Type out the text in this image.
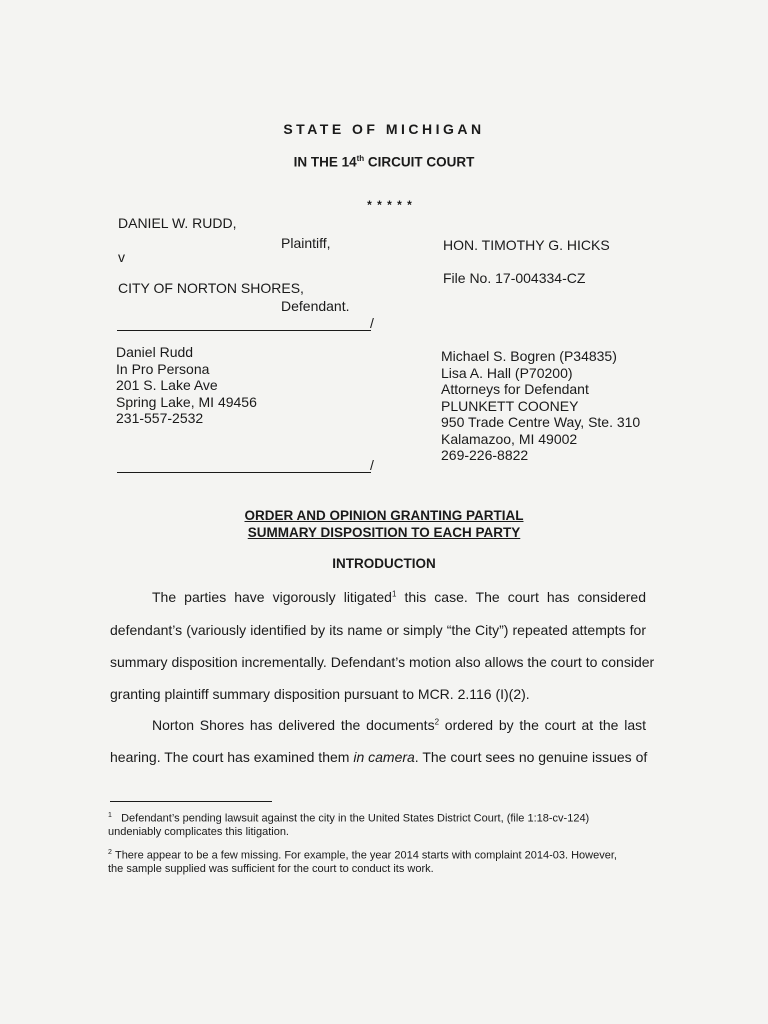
STATE OF MICHIGAN
IN THE 14th CIRCUIT COURT
* * * * *
DANIEL W. RUDD,
Plaintiff,
v
CITY OF NORTON SHORES,
Defendant.
HON. TIMOTHY G. HICKS
File No. 17-004334-CZ
/
Daniel Rudd
In Pro Persona
201 S. Lake Ave
Spring Lake, MI 49456
231-557-2532
Michael S. Bogren (P34835)
Lisa A. Hall (P70200)
Attorneys for Defendant
PLUNKETT COONEY
950 Trade Centre Way, Ste. 310
Kalamazoo, MI 49002
269-226-8822
/
ORDER AND OPINION GRANTING PARTIAL
SUMMARY DISPOSITION TO EACH PARTY
INTRODUCTION
The parties have vigorously litigated$^1$ this case. The court has considered
defendant’s (variously identified by its name or simply “the City”) repeated attempts for
summary disposition incrementally. Defendant’s motion also allows the court to consider
granting plaintiff summary disposition pursuant to MCR. 2.116 (I)(2).
Norton Shores has delivered the documents$^2$ ordered by the court at the last
hearing. The court has examined them in camera. The court sees no genuine issues of
$^1$ Defendant’s pending lawsuit against the city in the United States District Court, (file 1:18-cv-124)
undeniably complicates this litigation.
$^2$ There appear to be a few missing. For example, the year 2014 starts with complaint 2014-03. However,
the sample supplied was sufficient for the court to conduct its work.
